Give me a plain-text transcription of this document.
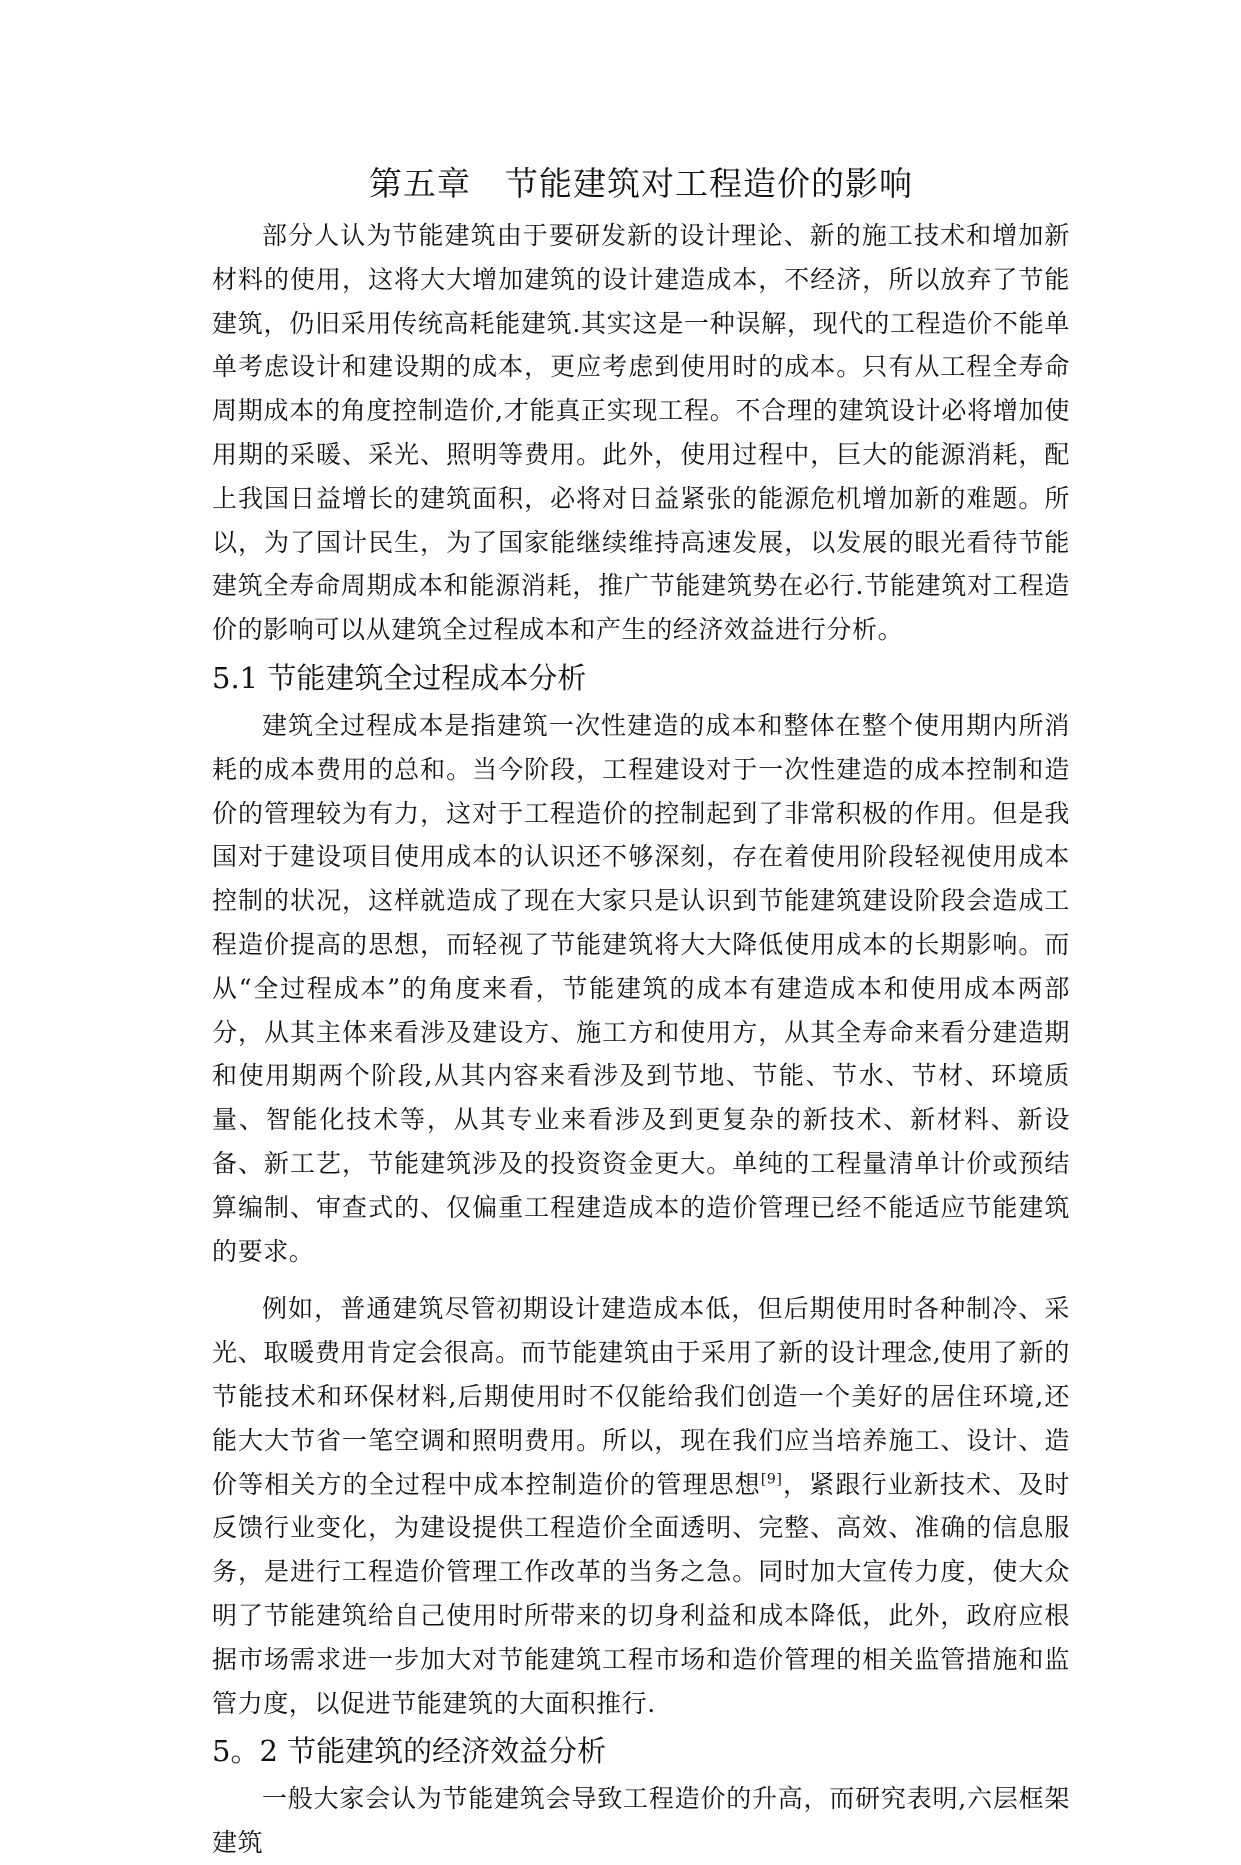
第五章　节能建筑对工程造价的影响

部分人认为节能建筑由于要研发新的设计理论、新的施工技术和增加新材料的使用，这将大大增加建筑的设计建造成本，不经济，所以放弃了节能建筑，仍旧采用传统高耗能建筑.其实这是一种误解，现代的工程造价不能单单考虑设计和建设期的成本，更应考虑到使用时的成本。只有从工程全寿命周期成本的角度控制造价,才能真正实现工程。不合理的建筑设计必将增加使用期的采暖、采光、照明等费用。此外，使用过程中，巨大的能源消耗，配上我国日益增长的建筑面积，必将对日益紧张的能源危机增加新的难题。所以，为了国计民生，为了国家能继续维持高速发展，以发展的眼光看待节能建筑全寿命周期成本和能源消耗，推广节能建筑势在必行.节能建筑对工程造价的影响可以从建筑全过程成本和产生的经济效益进行分析。

5.1 节能建筑全过程成本分析

建筑全过程成本是指建筑一次性建造的成本和整体在整个使用期内所消耗的成本费用的总和。当今阶段，工程建设对于一次性建造的成本控制和造价的管理较为有力，这对于工程造价的控制起到了非常积极的作用。但是我国对于建设项目使用成本的认识还不够深刻，存在着使用阶段轻视使用成本控制的状况，这样就造成了现在大家只是认识到节能建筑建设阶段会造成工程造价提高的思想，而轻视了节能建筑将大大降低使用成本的长期影响。而从“全过程成本”的角度来看，节能建筑的成本有建造成本和使用成本两部分，从其主体来看涉及建设方、施工方和使用方，从其全寿命来看分建造期和使用期两个阶段,从其内容来看涉及到节地、节能、节水、节材、环境质量、智能化技术等，从其专业来看涉及到更复杂的新技术、新材料、新设备、新工艺，节能建筑涉及的投资资金更大。单纯的工程量清单计价或预结算编制、审查式的、仅偏重工程建造成本的造价管理已经不能适应节能建筑的要求。

例如，普通建筑尽管初期设计建造成本低，但后期使用时各种制冷、采光、取暖费用肯定会很高。而节能建筑由于采用了新的设计理念,使用了新的节能技术和环保材料,后期使用时不仅能给我们创造一个美好的居住环境,还能大大节省一笔空调和照明费用。所以，现在我们应当培养施工、设计、造价等相关方的全过程中成本控制造价的管理思想[9]，紧跟行业新技术、及时反馈行业变化，为建设提供工程造价全面透明、完整、高效、准确的信息服务，是进行工程造价管理工作改革的当务之急。同时加大宣传力度，使大众明了节能建筑给自己使用时所带来的切身利益和成本降低，此外，政府应根据市场需求进一步加大对节能建筑工程市场和造价管理的相关监管措施和监管力度，以促进节能建筑的大面积推行.

5。2 节能建筑的经济效益分析

一般大家会认为节能建筑会导致工程造价的升高，而研究表明,六层框架建筑
